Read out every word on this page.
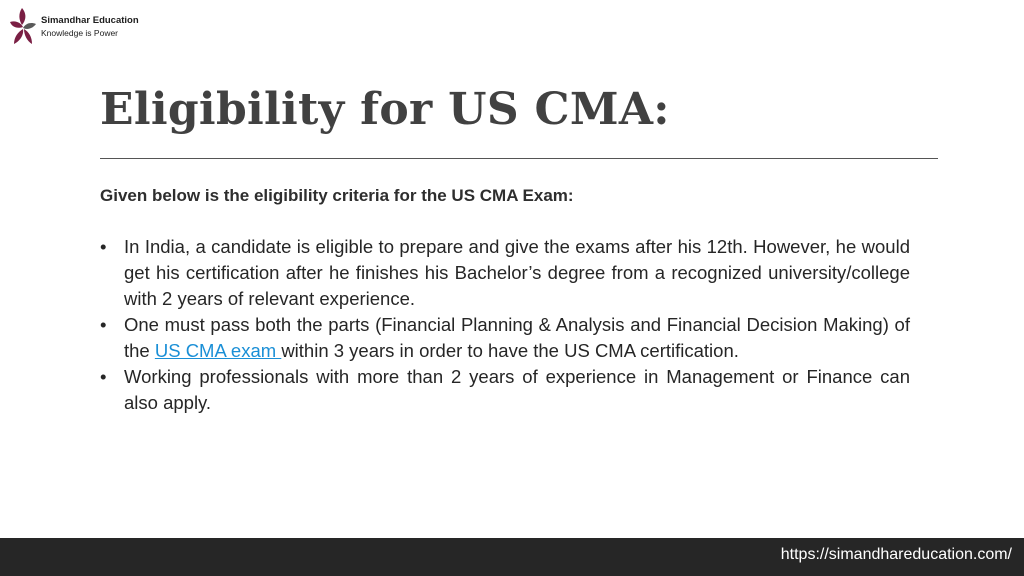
Simandhar Education
Knowledge is Power
Eligibility for US CMA:

Given below is the eligibility criteria for the US CMA Exam:

• In India, a candidate is eligible to prepare and give the exams after his 12th. However, he would get his certification after he finishes his Bachelor’s degree from a recognized university/college with 2 years of relevant experience.
• One must pass both the parts (Financial Planning & Analysis and Financial Decision Making) of the US CMA exam within 3 years in order to have the US CMA certification.
• Working professionals with more than 2 years of experience in Management or Finance can also apply.
https://simandhareducation.com/
